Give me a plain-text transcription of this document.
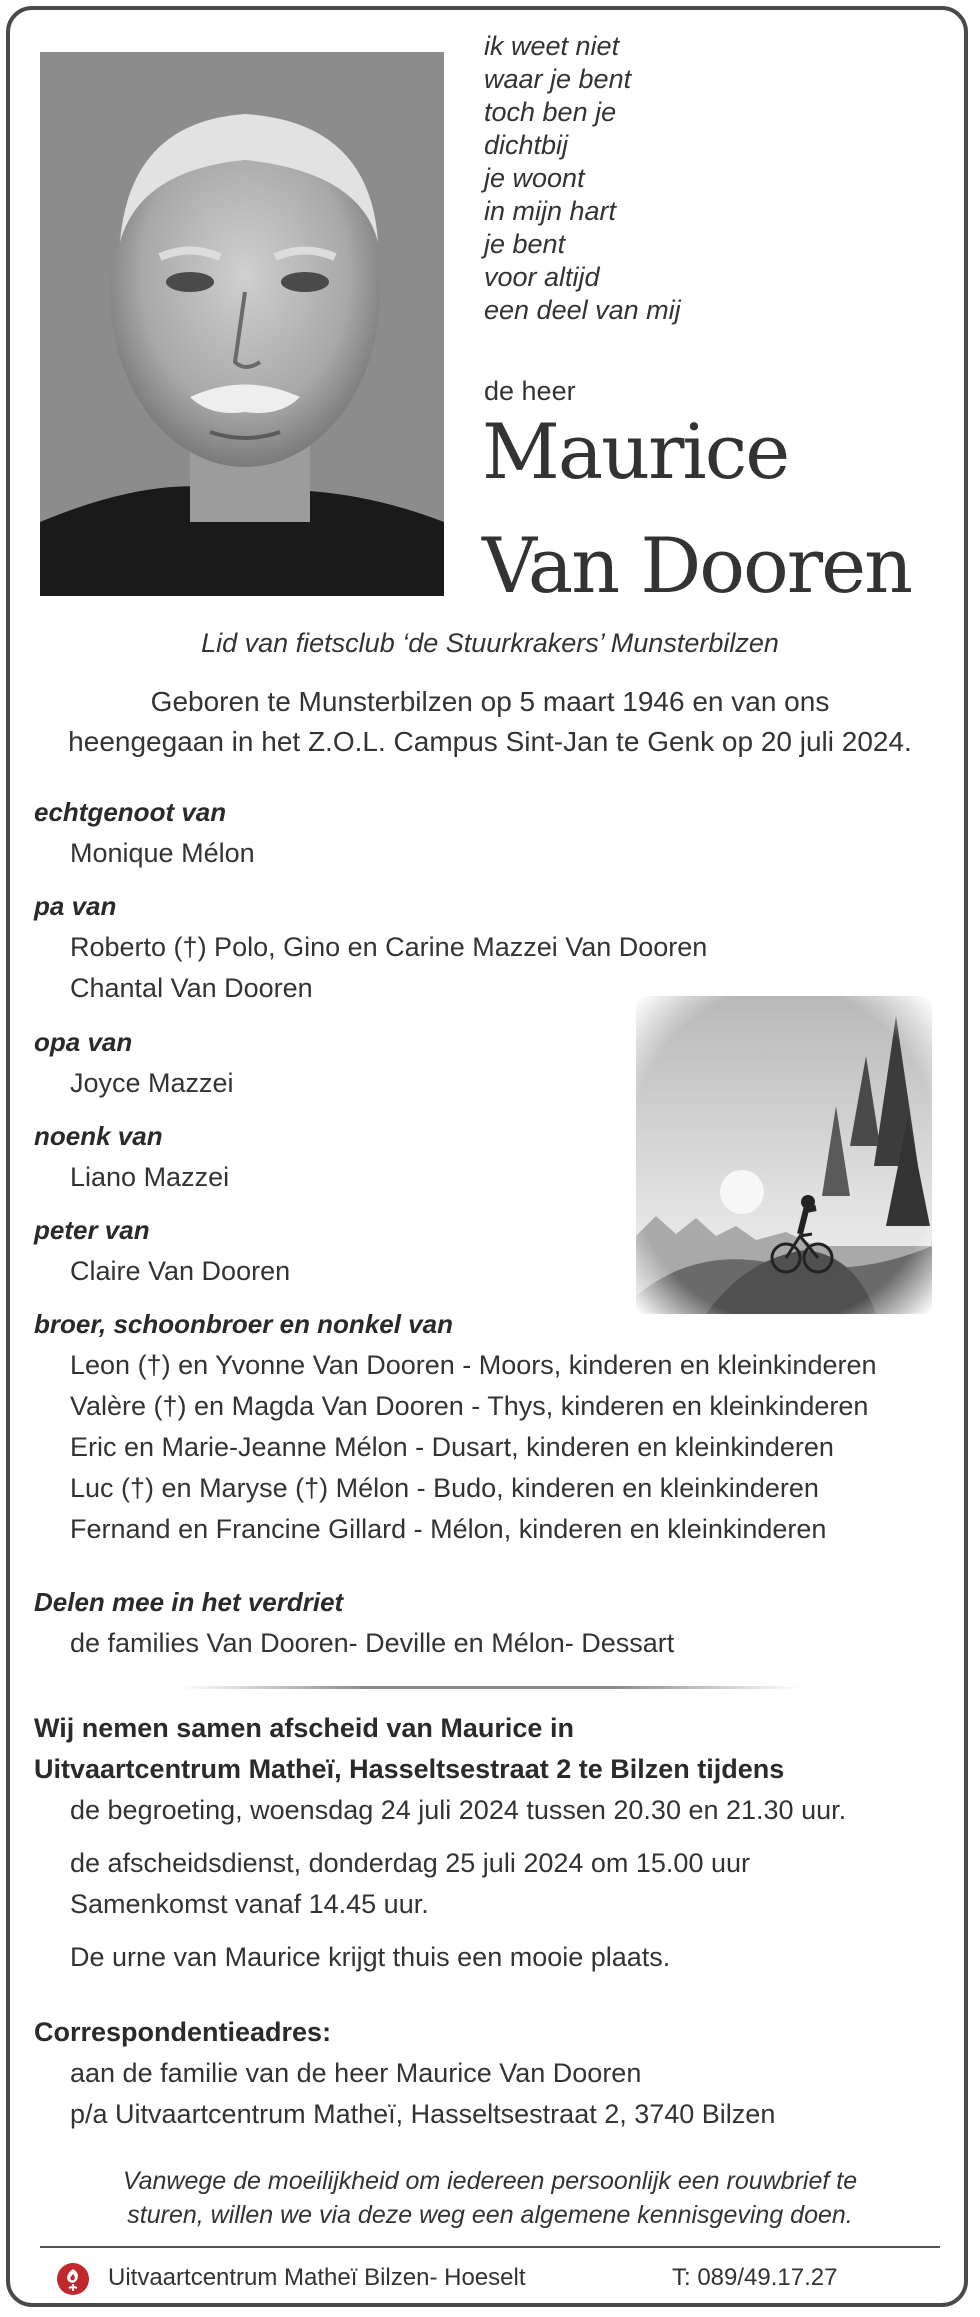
ik weet niet
waar je bent
toch ben je
dichtbij
je woont
in mijn hart
je bent
voor altijd
een deel van mij
de heer
Maurice
Van Dooren
Lid van fietsclub ‘de Stuurkrakers’ Munsterbilzen
Geboren te Munsterbilzen op 5 maart 1946 en van ons
heengegaan in het Z.O.L. Campus Sint-Jan te Genk op 20 juli 2024.
echtgenoot van
Monique Mélon
pa van
Roberto (†) Polo, Gino en Carine Mazzei Van Dooren
Chantal Van Dooren
opa van
Joyce Mazzei
noenk van
Liano Mazzei
peter van
Claire Van Dooren
broer, schoonbroer en nonkel van
Leon (†) en Yvonne Van Dooren - Moors, kinderen en kleinkinderen
Valère (†) en Magda Van Dooren - Thys, kinderen en kleinkinderen
Eric en Marie-Jeanne Mélon - Dusart, kinderen en kleinkinderen
Luc (†) en Maryse (†) Mélon - Budo, kinderen en kleinkinderen
Fernand en Francine Gillard - Mélon, kinderen en kleinkinderen
Delen mee in het verdriet
de families Van Dooren- Deville en Mélon- Dessart
Wij nemen samen afscheid van Maurice in
Uitvaartcentrum Matheï, Hasseltsestraat 2 te Bilzen tijdens
de begroeting, woensdag 24 juli 2024 tussen 20.30 en 21.30 uur.
de afscheidsdienst, donderdag 25 juli 2024 om 15.00 uur
Samenkomst vanaf 14.45 uur.
De urne van Maurice krijgt thuis een mooie plaats.
Correspondentieadres:
aan de familie van de heer Maurice Van Dooren
p/a Uitvaartcentrum Matheï, Hasseltsestraat 2, 3740 Bilzen
Vanwege de moeilijkheid om iedereen persoonlijk een rouwbrief te
sturen, willen we via deze weg een algemene kennisgeving doen.
Uitvaartcentrum Matheï Bilzen- Hoeselt	T: 089/49.17.27
